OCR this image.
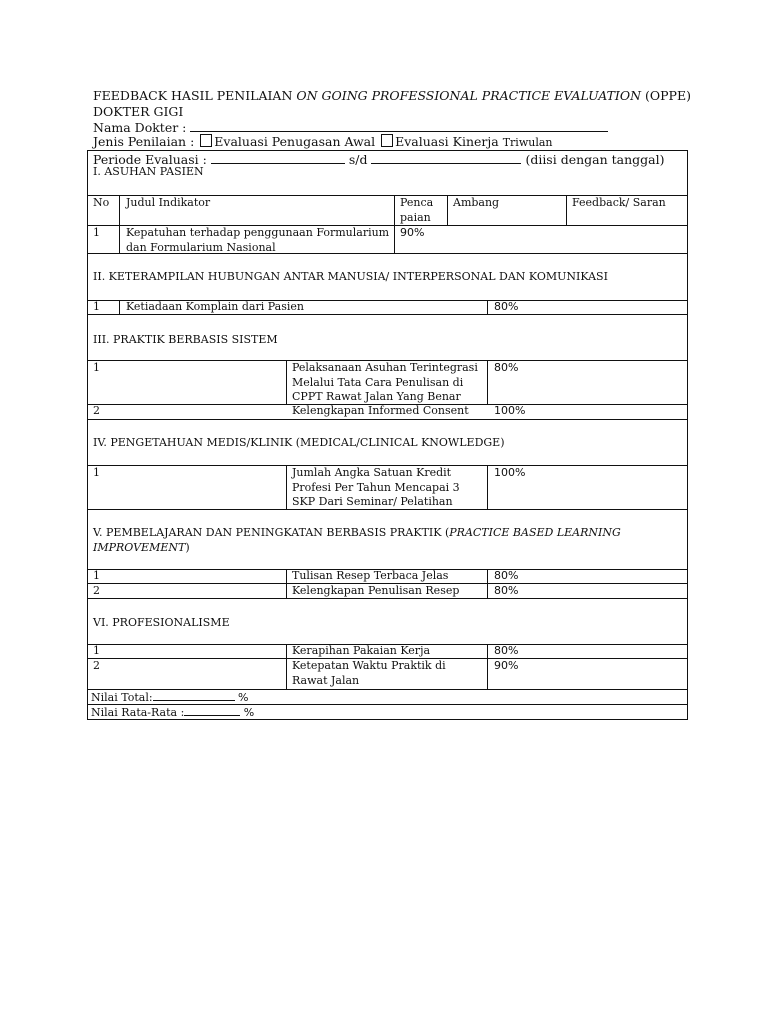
FEEDBACK HASIL PENILAIAN ON GOING PROFESSIONAL PRACTICE EVALUATION (OPPE)
DOKTER GIGI
Nama Dokter :
Jenis Penilaian : Evaluasi Penugasan Awal Evaluasi Kinerja Triwulan
Periode Evaluasi :	s/d	(diisi dengan tanggal)
I. ASUHAN PASIEN
No Judul Indikator	Penca
paian
Ambang	Feedback/ Saran
1 Kepatuhan terhadap penggunaan Formularium
dan Formularium Nasional
90%
II. KETERAMPILAN HUBUNGAN ANTAR MANUSIA/ INTERPERSONAL DAN KOMUNIKASI
1 Ketiadaan Komplain dari Pasien	80%
III. PRAKTIK BERBASIS SISTEM
1	Pelaksanaan Asuhan Terintegrasi
Melalui Tata Cara Penulisan di
CPPT Rawat Jalan Yang Benar
80%
2	Kelengkapan Informed Consent 100%
IV. PENGETAHUAN MEDIS/KLINIK (MEDICAL/CLINICAL KNOWLEDGE)
1	Jumlah Angka Satuan Kredit
Profesi Per Tahun Mencapai 3
SKP Dari Seminar/ Pelatihan
100%
V. PEMBELAJARAN DAN PENINGKATAN BERBASIS PRAKTIK (PRACTICE BASED LEARNING
IMPROVEMENT)
1	Tulisan Resep Terbaca Jelas	80%
2	Kelengkapan Penulisan Resep	80%
VI. PROFESIONALISME
1	Kerapihan Pakaian Kerja	80%
2	Ketepatan Waktu Praktik di
Rawat Jalan
90%
Nilai Total:	%
Nilai Rata-Rata :	%
